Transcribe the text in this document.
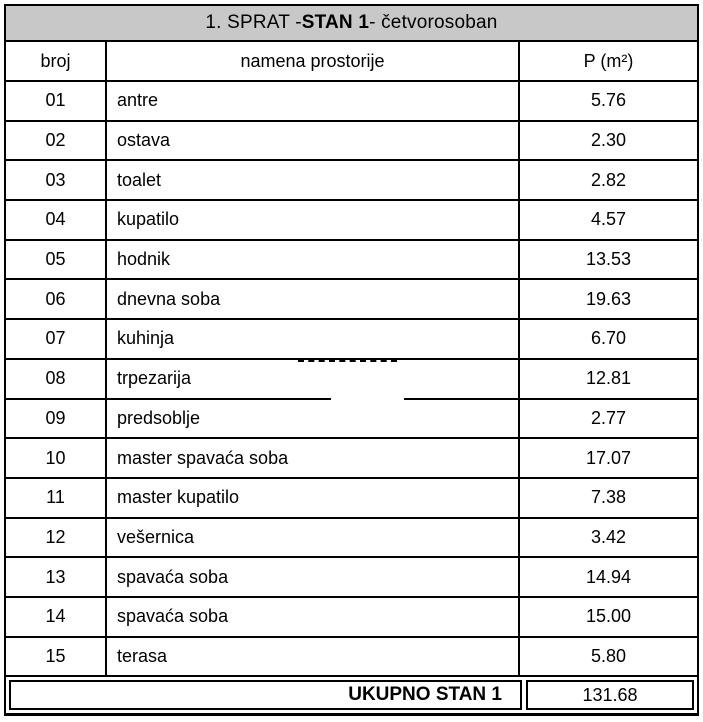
1. SPRAT - STAN 1 - četvorosoban
broj	namena prostorije	P (m²)
01	antre	5.76
02	ostava	2.30
03	toalet	2.82
04	kupatilo	4.57
05	hodnik	13.53
06	dnevna soba	19.63
07	kuhinja	6.70
08	trpezarija	12.81
09	predsoblje	2.77
10	master spavaća soba	17.07
11	master kupatilo	7.38
12	vešernica	3.42
13	spavaća soba	14.94
14	spavaća soba	15.00
15	terasa	5.80
UKUPNO STAN 1	131.68
